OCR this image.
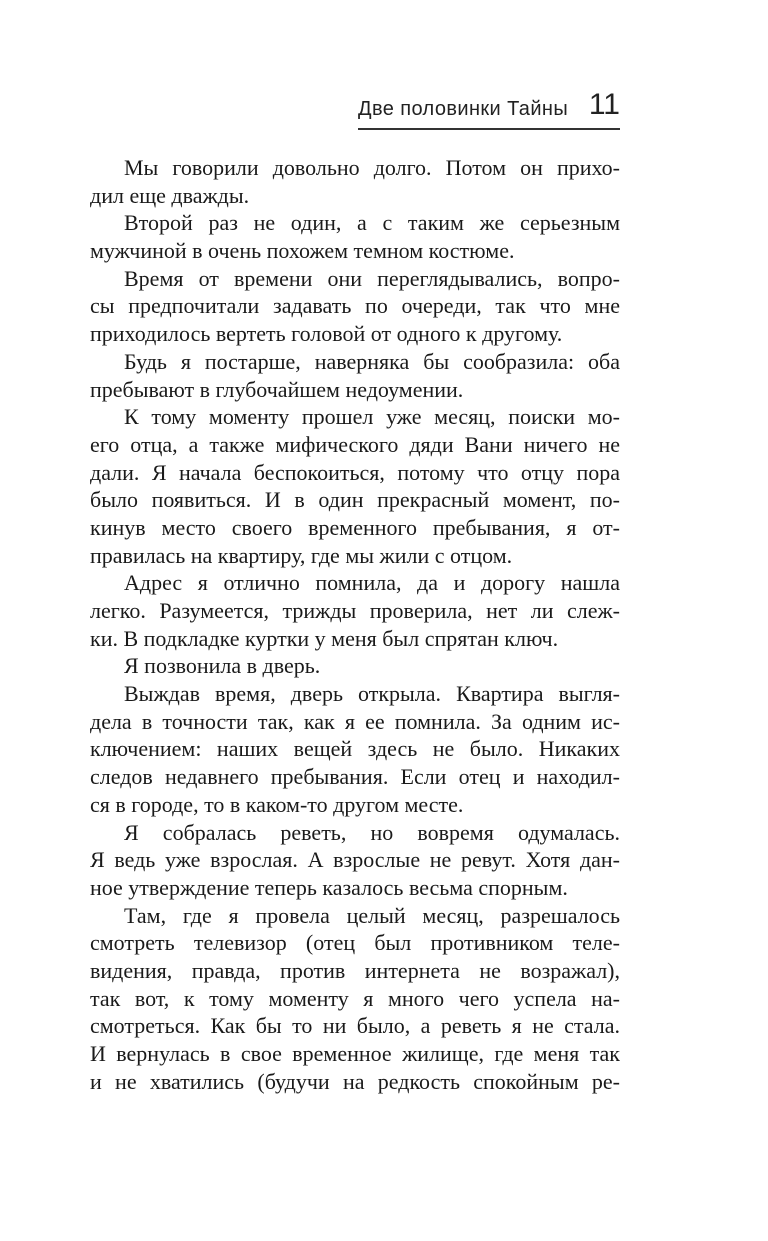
Две половинки Тайны 11
Мы говорили довольно долго. Потом он прихо-
дил еще дважды.
Второй раз не один, а с таким же серьезным
мужчиной в очень похожем темном костюме.
Время от времени они переглядывались, вопро-
сы предпочитали задавать по очереди, так что мне
приходилось вертеть головой от одного к другому.
Будь я постарше, наверняка бы сообразила: оба
пребывают в глубочайшем недоумении.
К тому моменту прошел уже месяц, поиски мо-
его отца, а также мифического дяди Вани ничего не
дали. Я начала беспокоиться, потому что отцу пора
было появиться. И в один прекрасный момент, по-
кинув место своего временного пребывания, я от-
правилась на квартиру, где мы жили с отцом.
Адрес я отлично помнила, да и дорогу нашла
легко. Разумеется, трижды проверила, нет ли слеж-
ки. В подкладке куртки у меня был спрятан ключ.
Я позвонила в дверь.
Выждав время, дверь открыла. Квартира выгля-
дела в точности так, как я ее помнила. За одним ис-
ключением: наших вещей здесь не было. Никаких
следов недавнего пребывания. Если отец и находил-
ся в городе, то в каком-то другом месте.
Я собралась реветь, но вовремя одумалась.
Я ведь уже взрослая. А взрослые не ревут. Хотя дан-
ное утверждение теперь казалось весьма спорным.
Там, где я провела целый месяц, разрешалось
смотреть телевизор (отец был противником теле-
видения, правда, против интернета не возражал),
так вот, к тому моменту я много чего успела на-
смотреться. Как бы то ни было, а реветь я не стала.
И вернулась в свое временное жилище, где меня так
и не хватились (будучи на редкость спокойным ре-
